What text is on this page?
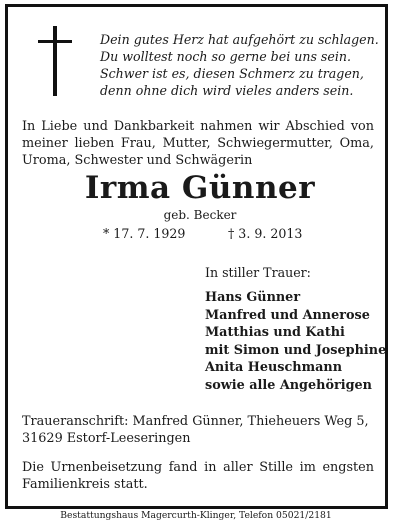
Dein gutes Herz hat aufgehört zu schlagen.
Du wolltest noch so gerne bei uns sein.
Schwer ist es, diesen Schmerz zu tragen,
denn ohne dich wird vieles anders sein.
In Liebe und Dankbarkeit nahmen wir Abschied von
meiner lieben Frau, Mutter, Schwiegermutter, Oma,
Uroma, Schwester und Schwägerin
Irma Günner
geb. Becker
* 17. 7. 1929	† 3. 9. 2013
In stiller Trauer:
Hans Günner
Manfred und Annerose
Matthias und Kathi
mit Simon und Josephine
Anita Heuschmann
sowie alle Angehörigen
Traueranschrift: Manfred Günner, Thieheuers Weg 5,
31629 Estorf-Leeseringen
Die Urnenbeisetzung fand in aller Stille im engsten
Familienkreis statt.
Bestattungshaus Magercurth-Klinger, Telefon 05021/2181
